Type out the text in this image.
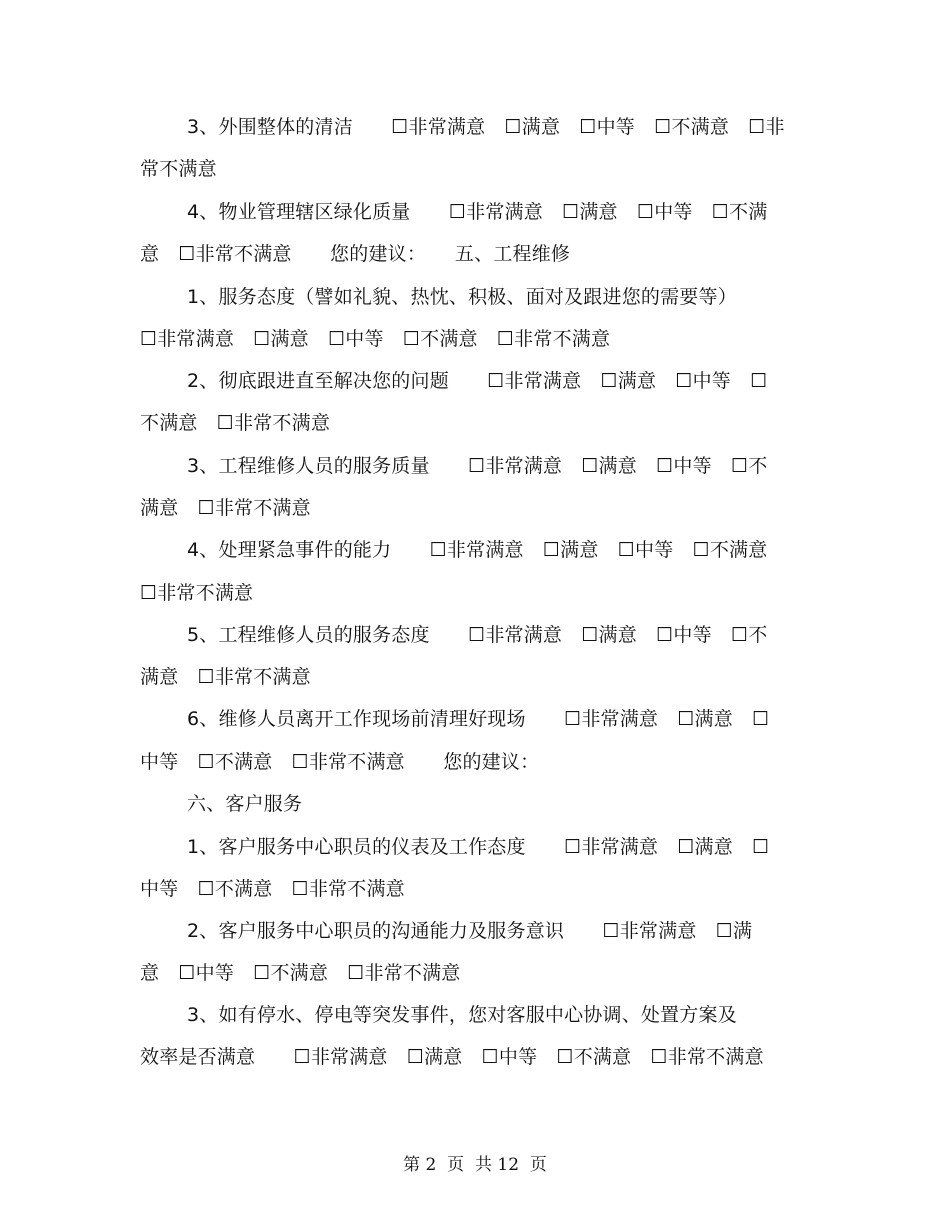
3、外围整体的清洁　　☐非常满意　☐满意　☐中等　☐不满意　☐非
常不满意
4、物业管理辖区绿化质量　　☐非常满意　☐满意　☐中等　☐不满
意　☐非常不满意　　您的建议：　　五、工程维修
1、服务态度（譬如礼貌、热忱、积极、面对及跟进您的需要等）
☐非常满意　☐满意　☐中等　☐不满意　☐非常不满意
2、彻底跟进直至解决您的问题　　☐非常满意　☐满意　☐中等　☐
不满意　☐非常不满意
3、工程维修人员的服务质量　　☐非常满意　☐满意　☐中等　☐不
满意　☐非常不满意
4、处理紧急事件的能力　　☐非常满意　☐满意　☐中等　☐不满意
☐非常不满意
5、工程维修人员的服务态度　　☐非常满意　☐满意　☐中等　☐不
满意　☐非常不满意
6、维修人员离开工作现场前清理好现场　　☐非常满意　☐满意　☐
中等　☐不满意　☐非常不满意　　您的建议：
六、客户服务
1、客户服务中心职员的仪表及工作态度　　☐非常满意　☐满意　☐
中等　☐不满意　☐非常不满意
2、客户服务中心职员的沟通能力及服务意识　　☐非常满意　☐满
意　☐中等　☐不满意　☐非常不满意
3、如有停水、停电等突发事件，您对客服中心协调、处置方案及
效率是否满意　　☐非常满意　☐满意　☐中等　☐不满意　☐非常不满意
第 2  页  共 12  页
